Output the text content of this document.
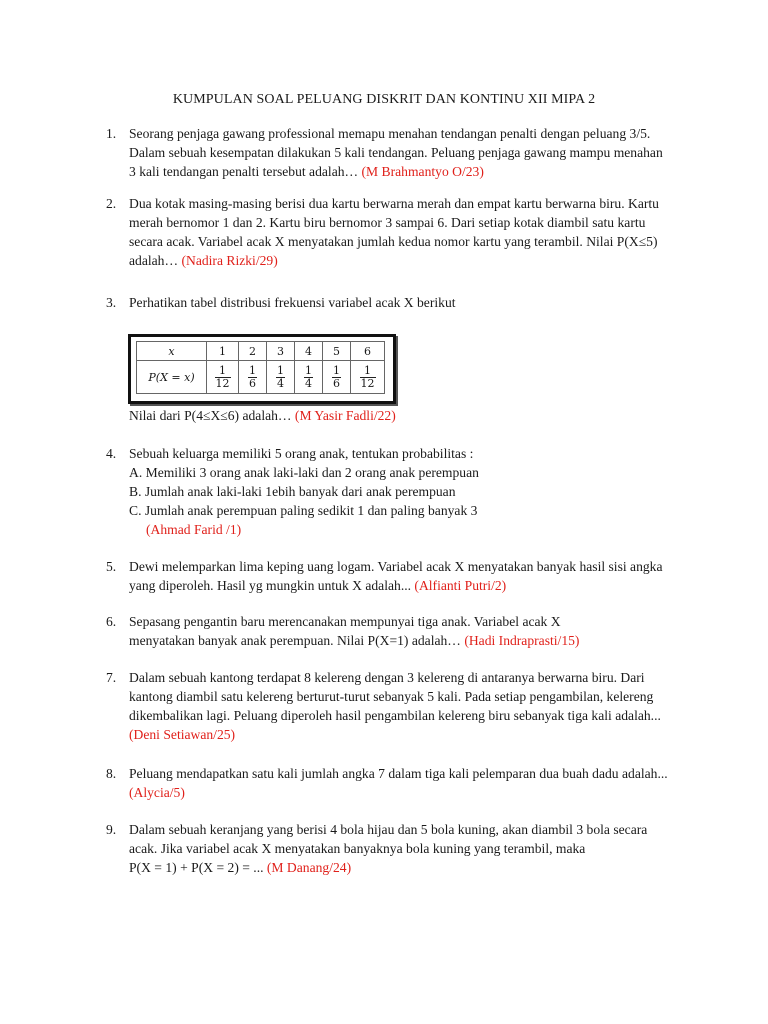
KUMPULAN SOAL PELUANG DISKRIT DAN KONTINU XII MIPA 2
1. Seorang penjaga gawang professional memapu menahan tendangan penalti dengan peluang 3/5.
Dalam sebuah kesempatan dilakukan 5 kali tendangan. Peluang penjaga gawang mampu menahan
3 kali tendangan penalti tersebut adalah… (M Brahmantyo O/23)
2. Dua kotak masing-masing berisi dua kartu berwarna merah dan empat kartu berwarna biru. Kartu
merah bernomor 1 dan 2. Kartu biru bernomor 3 sampai 6. Dari setiap kotak diambil satu kartu
secara acak. Variabel acak X menyatakan jumlah kedua nomor kartu yang terambil. Nilai P(X≤5)
adalah… (Nadira Rizki/29)
3. Perhatikan tabel distribusi frekuensi variabel acak X berikut
x	1	2	3	4	5	6
P(X = x)	$\frac{1}{12}$	$\frac{1}{6}$	$\frac{1}{4}$	$\frac{1}{4}$	$\frac{1}{6}$	$\frac{1}{12}$
Nilai dari P(4≤X≤6) adalah… (M Yasir Fadli/22)
4. Sebuah keluarga memiliki 5 orang anak, tentukan probabilitas :
A. Memiliki 3 orang anak laki-laki dan 2 orang anak perempuan
B. Jumlah anak laki-laki 1ebih banyak dari anak perempuan
C. Jumlah anak perempuan paling sedikit 1 dan paling banyak 3
(Ahmad Farid /1)
5. Dewi melemparkan lima keping uang logam. Variabel acak X menyatakan banyak hasil sisi angka
yang diperoleh. Hasil yg mungkin untuk X adalah... (Alfianti Putri/2)
6. Sepasang pengantin baru merencanakan mempunyai tiga anak. Variabel acak X
menyatakan banyak anak perempuan. Nilai P(X=1) adalah… (Hadi Indraprasti/15)
7. Dalam sebuah kantong terdapat 8 kelereng dengan 3 kelereng di antaranya berwarna biru. Dari
kantong diambil satu kelereng berturut-turut sebanyak 5 kali. Pada setiap pengambilan, kelereng
dikembalikan lagi. Peluang diperoleh hasil pengambilan kelereng biru sebanyak tiga kali adalah...
(Deni Setiawan/25)
8. Peluang mendapatkan satu kali jumlah angka 7 dalam tiga kali pelemparan dua buah dadu adalah...
(Alycia/5)
9. Dalam sebuah keranjang yang berisi 4 bola hijau dan 5 bola kuning, akan diambil 3 bola secara
acak. Jika variabel acak X menyatakan banyaknya bola kuning yang terambil, maka
P(X = 1) + P(X = 2) = ... (M Danang/24)
